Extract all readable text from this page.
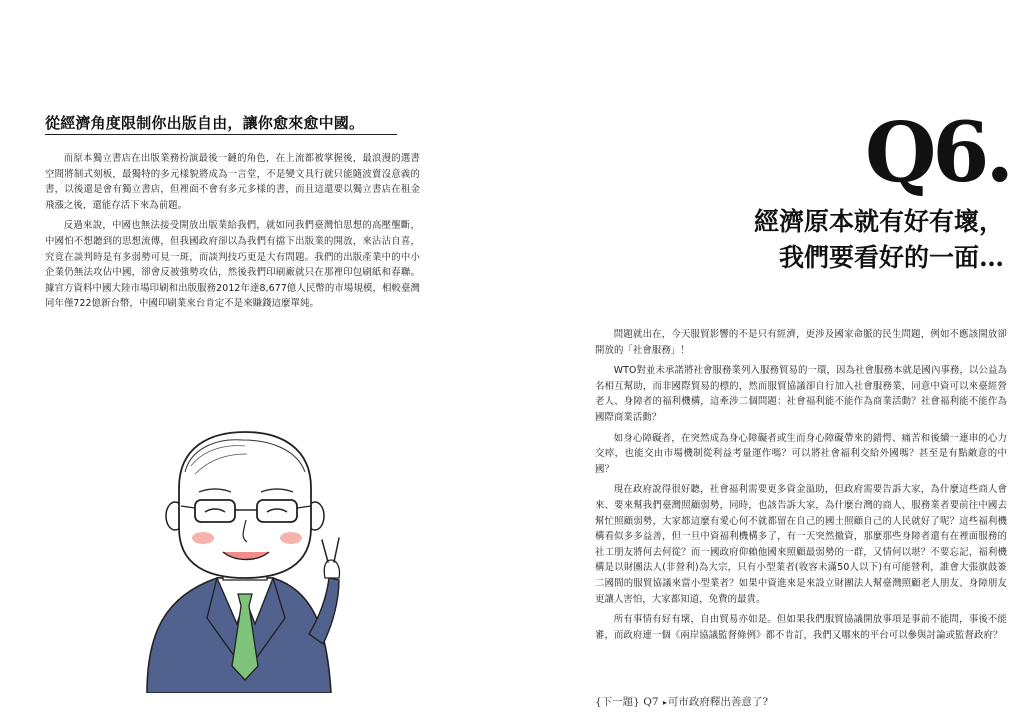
從經濟角度限制你出版自由，讓你愈來愈中國。

而原本獨立書店在出版業務扮演最後一鏈的角色，在上流都被掌握後，最浪漫的選書空間將制式刻板，最獨特的多元樣貌將成為一言堂，不是變文具行就只能隨波賣沒意義的書，以後還是會有獨立書店，但裡面不會有多元多樣的書，而且這還要以獨立書店在租金飛漲之後，還能存活下來為前題。

反過來說，中國也無法接受開放出版業給我們，就如同我們臺灣怕思想的高壓壟斷，中國怕不想聽到的思想流傳，但我國政府卻以為我們有擋下出版業的開放，來沾沾自喜，究竟在談判時是有多弱勢可見一斑，而談判技巧更是大有問題。我們的出版產業中的中小企業仍無法攻佔中國，卻會反被強勢攻佔，然後我們印刷廠就只在那裡印包刷紙和春聯。據官方資料中國大陸市場印刷和出版服務2012年達8,677億人民幣的市場規模，相較臺灣同年僅722億新台幣，中國印刷業來台肯定不是來賺錢這麼單純。

Q6.
經濟原本就有好有壞，
我們要看好的一面…

問題就出在，今天服貿影響的不是只有經濟，更涉及國家命脈的民生問題，例如不應該開放卻開放的「社會服務」！

WTO對並未承諾將社會服務業列入服務貿易的一環，因為社會服務本就是國內事務，以公益為名相互幫助，而非國際貿易的標的，然而服貿協議卻自行加入社會服務業，同意中資可以來臺經營老人、身障者的福利機構，這牽涉二個問題：社會福利能不能作為商業活動？社會福利能不能作為國際商業活動？

如身心障礙者，在突然成為身心障礙者或生而身心障礙帶來的錯愕、痛苦和後續一連串的心力交瘁，也能交由市場機制從利益考量運作嗎？可以將社會福利交給外國嗎？甚至是有點敵意的中國？

現在政府說得很好聽，社會福利需要更多資金溢助，但政府需要告訴大家，為什麼這些商人會來、要來幫我們臺灣照顧弱勢，同時，也該告訴大家，為什麼台灣的商人、服務業者要前往中國去幫忙照顧弱勢，大家都這麼有愛心何不就都留在自己的國土照顧自己的人民就好了呢？這些福利機構看似多多益善，但一旦中資福利機構多了，有一天突然撤資，那麼那些身障者還有在裡面服務的社工朋友將何去何從？而一國政府仰賴他國來照顧最弱勢的一群，又情何以堪？不要忘記，福利機構是以財團法人(非營利)為大宗，只有小型業者(收容未滿50人以下)有可能營利，誰會大張旗鼓簽二國間的服貿協議來當小型業者？如果中資進來是來設立財團法人幫臺灣照顧老人朋友、身障朋友更讓人害怕，大家都知道，免費的最貴。

所有事情有好有壞，自由貿易亦如是。但如果我們服貿協議開放事項是事前不能問，事後不能審，而政府連一個《兩岸協議監督條例》都不肯訂，我們又哪來的平台可以參與討論或監督政府？

{下一題} Q7 ▸可市政府釋出善意了?
